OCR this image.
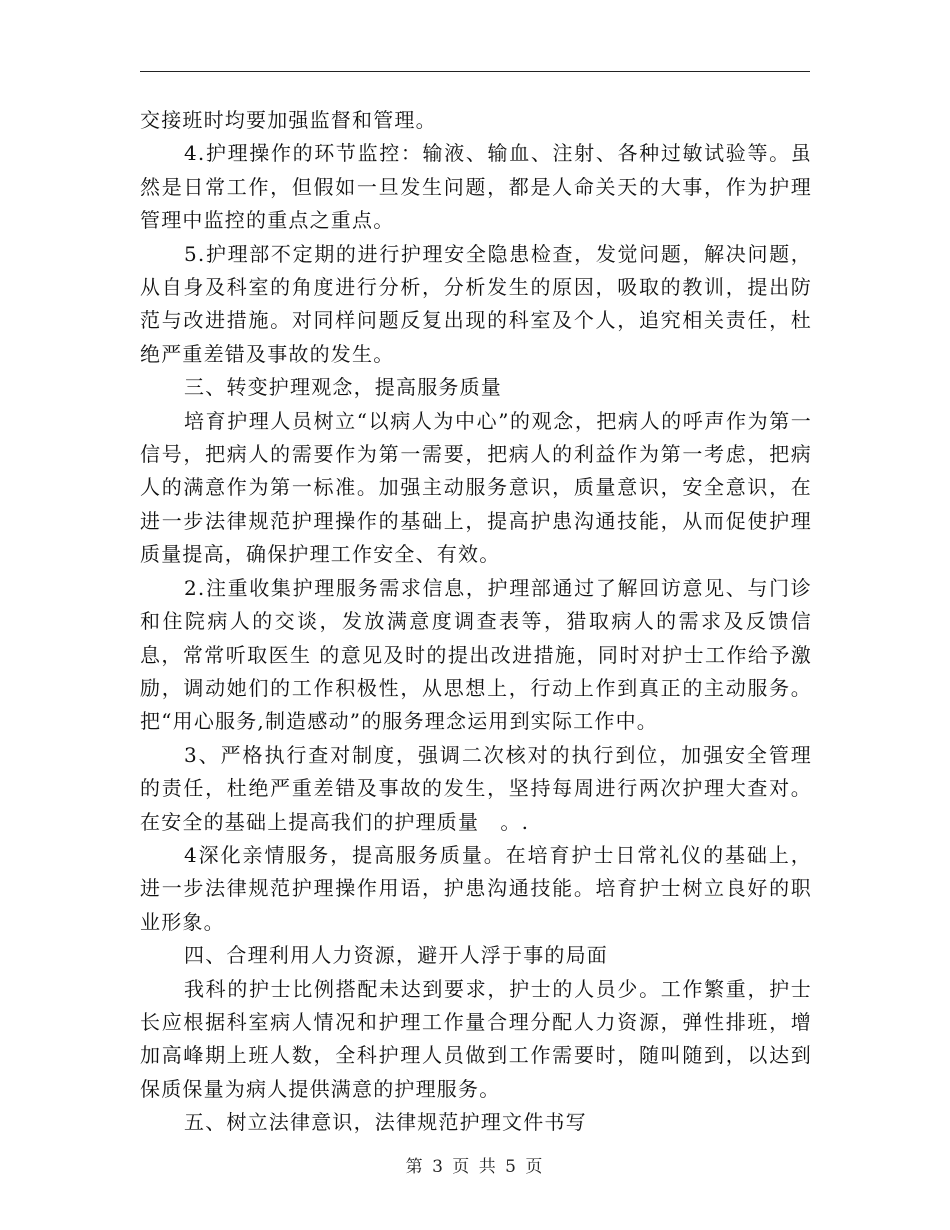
交接班时均要加强监督和管理。

4.护理操作的环节监控：输液、输血、注射、各种过敏试验等。虽然是日常工作，但假如一旦发生问题，都是人命关天的大事，作为护理管理中监控的重点之重点。

5.护理部不定期的进行护理安全隐患检查，发觉问题，解决问题，从自身及科室的角度进行分析，分析发生的原因，吸取的教训，提出防范与改进措施。对同样问题反复出现的科室及个人，追究相关责任，杜绝严重差错及事故的发生。

三、转变护理观念，提高服务质量

培育护理人员树立“以病人为中心”的观念，把病人的呼声作为第一信号，把病人的需要作为第一需要，把病人的利益作为第一考虑，把病人的满意作为第一标准。加强主动服务意识，质量意识，安全意识，在进一步法律规范护理操作的基础上，提高护患沟通技能，从而促使护理质量提高，确保护理工作安全、有效。

2.注重收集护理服务需求信息，护理部通过了解回访意见、与门诊和住院病人的交谈，发放满意度调查表等，猎取病人的需求及反馈信息，常常听取医生 的意见及时的提出改进措施，同时对护士工作给予激励，调动她们的工作积极性，从思想上，行动上作到真正的主动服务。把“用心服务,制造感动”的服务理念运用到实际工作中。

3、严格执行查对制度，强调二次核对的执行到位，加强安全管理的责任，杜绝严重差错及事故的发生，坚持每周进行两次护理大查对。在安全的基础上提高我们的护理质量　。.

4深化亲情服务，提高服务质量。在培育护士日常礼仪的基础上，进一步法律规范护理操作用语，护患沟通技能。培育护士树立良好的职业形象。

四、合理利用人力资源，避开人浮于事的局面

我科的护士比例搭配未达到要求，护士的人员少。工作繁重，护士长应根据科室病人情况和护理工作量合理分配人力资源，弹性排班，增加高峰期上班人数，全科护理人员做到工作需要时，随叫随到，以达到保质保量为病人提供满意的护理服务。

五、树立法律意识，法律规范护理文件书写

第 3 页 共 5 页
